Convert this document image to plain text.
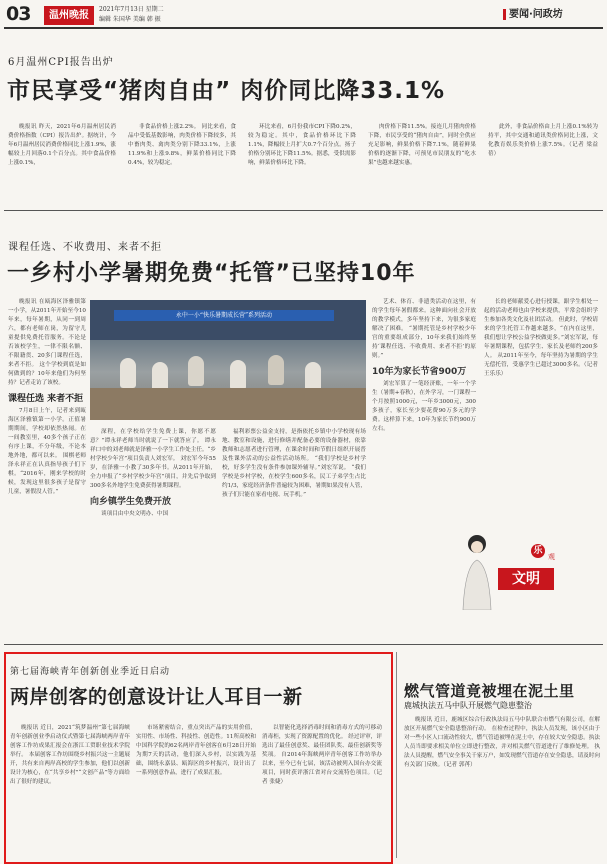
03	温州晚报
2021年7月13日 星期二
编辑 朱国华 美编 韩 振	要闻·问政坊
6月温州CPI报告出炉
市民享受“猪肉自由” 肉价同比降33.1%

晚报讯 昨天，2021年6月温州居民消费价格指数（CPI）报告出炉。据统计，今年6月温州居民消费价格同比上涨1.9%，涨幅较上月回落0.1个百分点。其中食品价格上涨0.1%，

非食品价格上涨2.2%。 同比来看，食品中受低基数影响，肉类价格下降较多，其中畜肉类、禽肉类分别下降33.1%，上涨11.9%和上涨9.8%，鲜菜价格同比下降0.4%，较为稳定。

环比来看，6月份我市CPI下降0.2%，较为稳定。其中，食品价格环比下降1.1%，降幅较上月扩大0.7个百分点。扬子价格分别环比下降11.5%。据悉，受供需影响，鲜菜价格环比下降。

肉价格下降11.5%。接连几月猪肉价格下降，市民享受的“猪肉自由”，同时全供应充足影响，鲜果价格下降7.1%，随着鲜果价格的逐渐下降，可预见市民朋友的“吃水果”也越来越实惠。

此外，非食品价格由上月上涨0.1%转为持平，其中交通和通讯类价格同比上涨，文化教育娱乐类价格上涨7.5%。（记者 梁益蓓）

课程任选、不收费用、来者不拒
一乡村小学暑期免费“托管”已坚持10年

晚报讯 在瓯海区泽雅镇第一小学，从2011年开始至今10年来，每年暑期，从同一到周六，都有老师在岗，为留守儿童提供免费托管服务。不论是否该校学生，一律不限名额、不限籍贯、20多门课程任选，来者不拒。 这个学校到底是如何做到的？10年来他们为何坚持？记者走访了该校。

课程任选 来者不拒

7月8日上午，记者来到瓯海区泽雅镇第一小学。正值暑期期间，学校却依然热闹。在一间教室里，40多个孩子正在有序上课，不分年级，不论本地外地，都可以来。 围棋老师泽永祥正在认真指导孩子们下棋。“2016年，刚来学校的时候，发现这里很多孩子是留守儿童，暑假没人管。”

永中一小“快乐暑期成长营”系列活动

深程，在学校给学生免费上课，你愿不愿意？”谭永祥老师当时就说了一下就答应了。 谭永祥口中的刘老师就是泽雅一小学生工作处主任。“乡村学校少年宫”项目负责人刘宏军。 刘宏军今年55岁，在泽雅一小教了30多年书。从2011年开始，全力申报了“乡村学校少年宫”项目，并先后争取到300多名外地学生免费获得暑期课程。

向乡镇学生免费开放

谈项目由中央文明办、中国

福利彩票公益金支持，是指依托乡镇中小学校现有场地、教室和设施，进行修缮并配备必要的设备器材，依靠教师和志愿者进行管理，在课余时间和节假日组织开展普及性课外活动的公益性活动场所。 “我们学校是乡村学校，好多学生没有条件参加课外辅导。”刘宏军说。 “我们学校是乡村学校，在校学生600多名，民工子弟学生占比约1/3，家庭经济条件普遍较为困难，暑期如果没有人管，孩子们只能在家看电视、玩手机。”

艺术、体育、非遗类活动在这里，有的学生每年暑假都来。这种面向社会开放的教学模式，多年坚持下来，为很多家庭解决了困难。 “暑期托管是乡村学校少年宫的重要组成部分，10年来我们始终坚持‘课程任选、不收费用、来者不拒’的原则。”

10年为家长节省900万

刘宏军算了一笔经济账，一年一个学生（暑期+春秋），在外学习，一门课程一个月按照1000元，一年乡3000元，300多孩子，家长至少要花费90万多元的学费。这样算下来，10年为家长节约900万左右。

长的老师献爱心进行授课，跟学生相处一起的活动老师也由学校来提供，平常会组织学生参加各类文化及社团活动。 但此时，学校请来的学生托管工作越来越多，“在内在这里，我们想让学校公益学校做更多。”刘宏军说，每年暑期课程，包括学生、家长及老师约200多人。 从2011年至今，每年坚持为暑期的学生无偿托管，受惠学生已超过3000多名。（记者 王乐乐）

乐
观
文明
第七届海峡青年创新创业季近日启动
两岸创客的创意设计让人耳目一新

晚报讯 近日，2021“筑梦温州”第七届海峡青年创新创业季启动仪式暨第七届海峡两岸青年创客工作坊成果汇报会在浙江工贸职业技术学院举行。 本届创客工作坊围绕乡村振兴这一主题展开，共有来自两岸高校的学生参加，他们以创新设计为核心，在“共享乡村”“文创产品”等方面给出了很好的建议。

市场紧密结合，重点突出产品的实用价值，实用性、市场性、科技性、创造性。11所高校和中国科学院的62名两岸青年创客在6月28日开始为期7天的活动，他们深入乡村，以实践为基础，围绕永嘉县、瓯海区的乡村振兴，设计出了一系列创意作品，进行了成果汇报。

以智能化选择消毒时间和消毒方式的可移动消毒柜，实现了资源配置的优化。 经过评审，评选出了最佳创意奖、最佳团队奖、最佳创新奖等奖项。 自2014年海峡两岸青年创客工作坊举办以来，至今已有七届，该活动被列入国台办交流项目，同时获评浙江省对台交流特色项目。（记者 张婕）

燃气管道竟被埋在泥土里
鹿城执法五马中队开展燃气隐患整治

晚报讯 近日，鹿城区综合行政执法局五马中队联合市燃气有限公司，在解放区开展燃气安全隐患整治行动。 在检查过程中，执法人员发现，该小区由于对一些小区人口流动性较大，燃气管道被埋在泥土中，存在较大安全隐患。执法人员当即要求相关单位立即进行整改，并对相关燃气管道进行了维修处理。 执法人员提醒，燃气安全事关千家万户，如发现燃气管道存在安全隐患，请及时向有关部门反映。（记者 郭苒）
